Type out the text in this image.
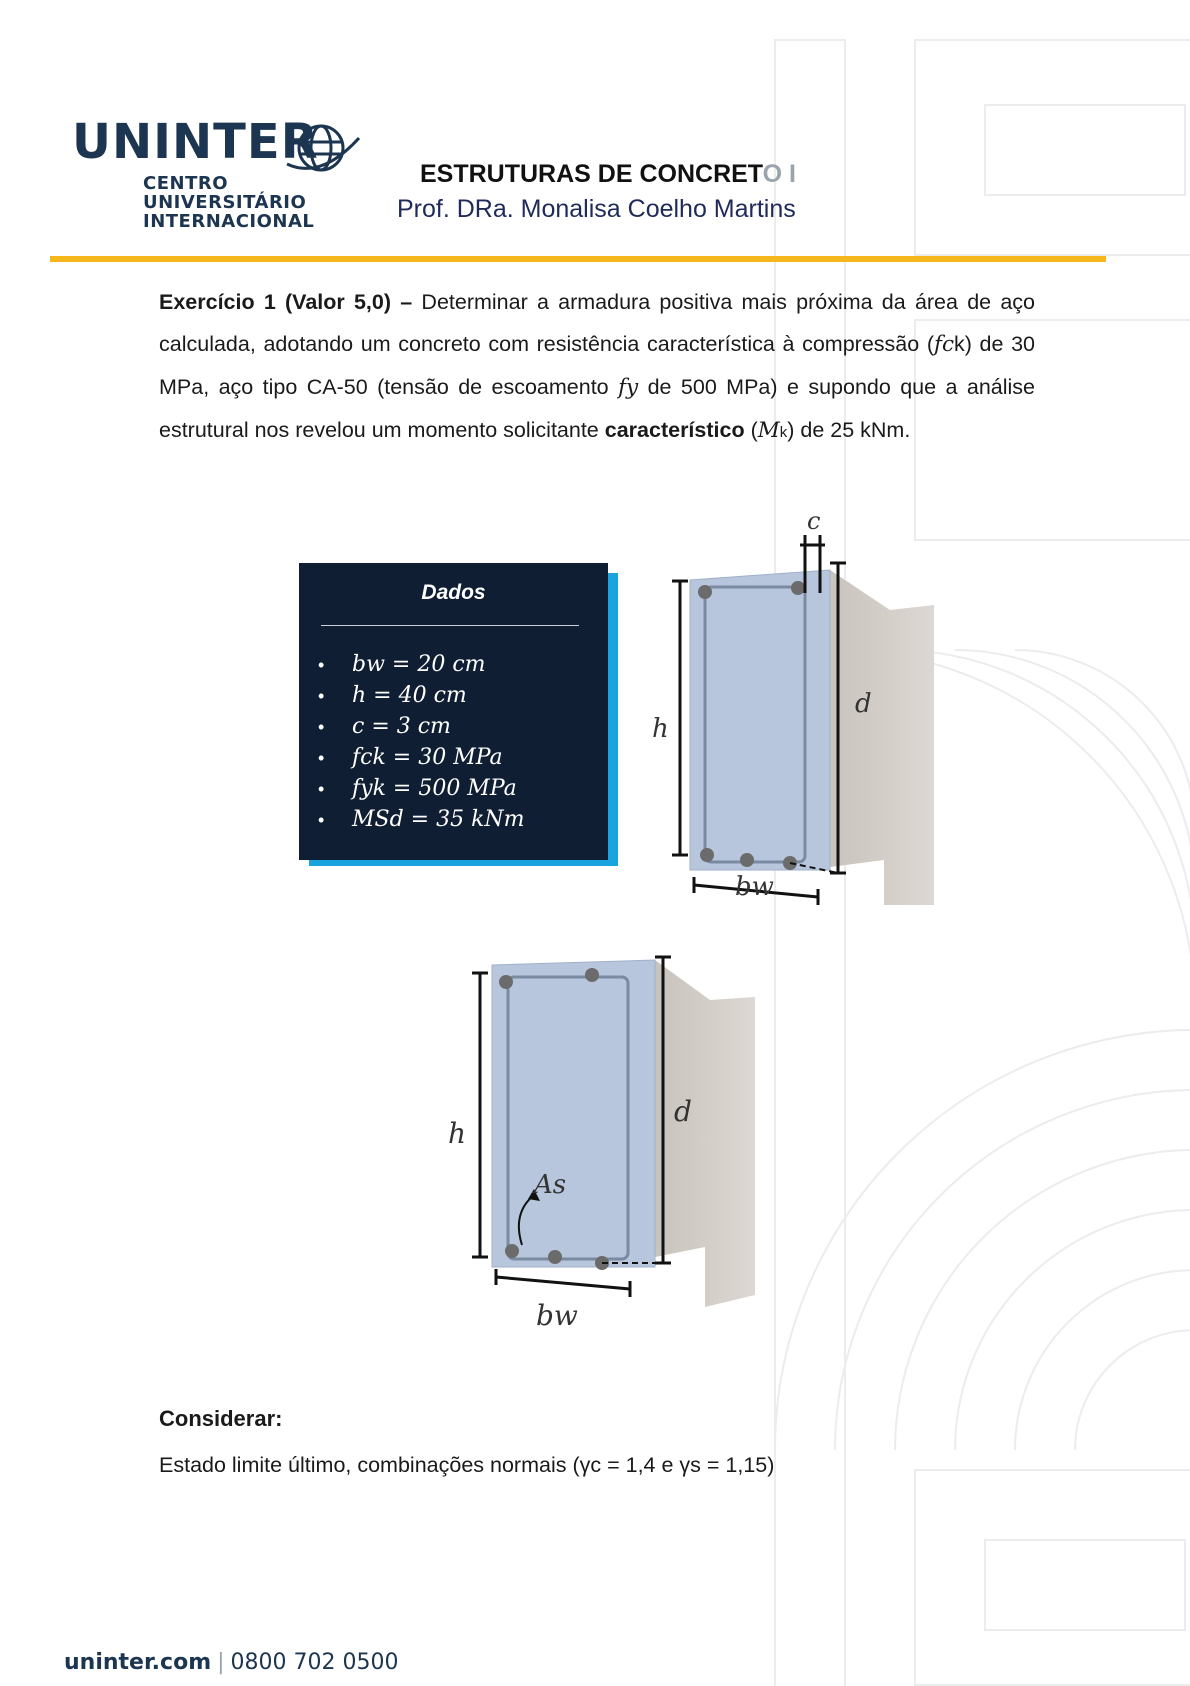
UNINTER
CENTRO
UNIVERSITÁRIO
INTERNACIONAL
ESTRUTURAS DE CONCRETO I
Prof. DRa. Monalisa Coelho Martins
Exercício 1 (Valor 5,0) – Determinar a armadura positiva mais próxima da área de aço calculada, adotando um concreto com resistência característica à compressão (fck) de 30 MPa, aço tipo CA-50 (tensão de escoamento fy de 500 MPa) e supondo que a análise estrutural nos revelou um momento solicitante característico (Mk) de 25 kNm.
Dados
• bw = 20 cm
• h = 40 cm
• c = 3 cm
• fck = 30 MPa
• fyk = 500 MPa
• MSd = 35 kNm
c
h
d
bw
h
d
As
bw
Considerar:
Estado limite último, combinações normais (γc = 1,4 e γs = 1,15)
uninter.com | 0800 702 0500
